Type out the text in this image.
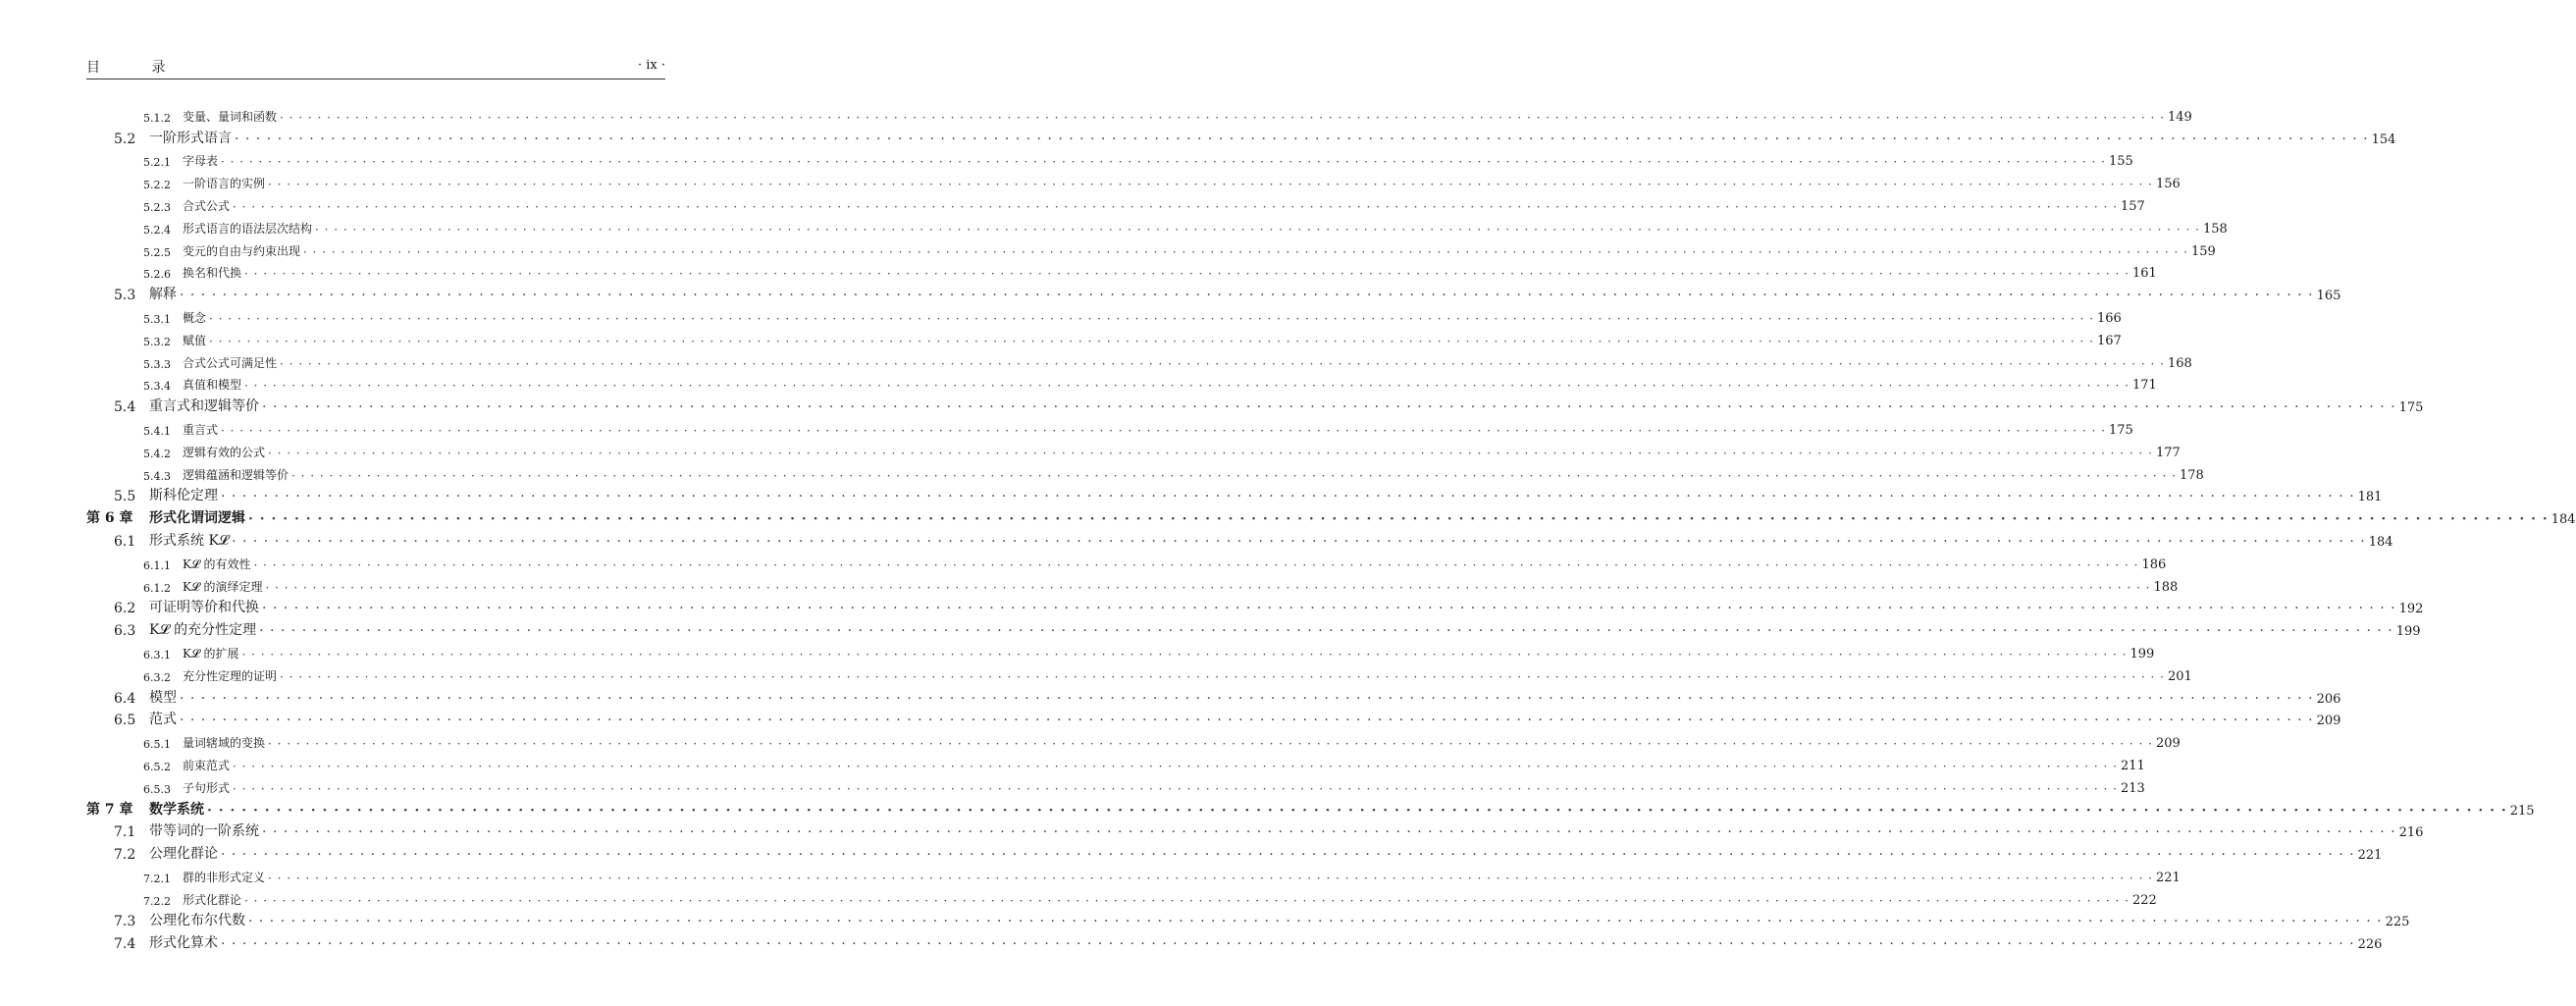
目 录	· ix ·
5.1.2	变量、量词和函数 · · · · · · · · · · · · · · · · · · · · · · · · · · · · · · · · · · · · · · · · · · · · · · · · · · · · · · · · · · · · · · · · · · · · · · · · · · · · · · · · · · · · · · · · · · · · · · · · · · · · · · · · · · · · · · · · · · · · · · · · · · · · · · · · · · · · · · · · · · · · · · · · · · · · · · · · · · · · · · · · · · · · · · · · · · · · · · · · · · · · · · · · · · · · · · · · · · · · · · · · 149
5.2 一阶形式语言 · · · · · · · · · · · · · · · · · · · · · · · · · · · · · · · · · · · · · · · · · · · · · · · · · · · · · · · · · · · · · · · · · · · · · · · · · · · · · · · · · · · · · · · · · · · · · · · · · · · · · · · · · · · · · · · · · · · · · · · · · · · · · · · · · · · · · · · · · · · · · · · · · · · · · · · · · · · · · · · · · · · · · · · · · · · · · · · · · · · · · · · · · · · · · · · · · · · · · · · · 154
5.2.1	字母表 · · · · · · · · · · · · · · · · · · · · · · · · · · · · · · · · · · · · · · · · · · · · · · · · · · · · · · · · · · · · · · · · · · · · · · · · · · · · · · · · · · · · · · · · · · · · · · · · · · · · · · · · · · · · · · · · · · · · · · · · · · · · · · · · · · · · · · · · · · · · · · · · · · · · · · · · · · · · · · · · · · · · · · · · · · · · · · · · · · · · · · · · · · · · · · · · · · · · · · · · 155
5.2.2	一阶语言的实例 · · · · · · · · · · · · · · · · · · · · · · · · · · · · · · · · · · · · · · · · · · · · · · · · · · · · · · · · · · · · · · · · · · · · · · · · · · · · · · · · · · · · · · · · · · · · · · · · · · · · · · · · · · · · · · · · · · · · · · · · · · · · · · · · · · · · · · · · · · · · · · · · · · · · · · · · · · · · · · · · · · · · · · · · · · · · · · · · · · · · · · · · · · · · · · · · · · · · · · · · 156
5.2.3	合式公式 · · · · · · · · · · · · · · · · · · · · · · · · · · · · · · · · · · · · · · · · · · · · · · · · · · · · · · · · · · · · · · · · · · · · · · · · · · · · · · · · · · · · · · · · · · · · · · · · · · · · · · · · · · · · · · · · · · · · · · · · · · · · · · · · · · · · · · · · · · · · · · · · · · · · · · · · · · · · · · · · · · · · · · · · · · · · · · · · · · · · · · · · · · · · · · · · · · · · · · · · 157
5.2.4	形式语言的语法层次结构 · · · · · · · · · · · · · · · · · · · · · · · · · · · · · · · · · · · · · · · · · · · · · · · · · · · · · · · · · · · · · · · · · · · · · · · · · · · · · · · · · · · · · · · · · · · · · · · · · · · · · · · · · · · · · · · · · · · · · · · · · · · · · · · · · · · · · · · · · · · · · · · · · · · · · · · · · · · · · · · · · · · · · · · · · · · · · · · · · · · · · · · · · · · · · · · · · · · · · · · · 158
5.2.5	变元的自由与约束出现 · · · · · · · · · · · · · · · · · · · · · · · · · · · · · · · · · · · · · · · · · · · · · · · · · · · · · · · · · · · · · · · · · · · · · · · · · · · · · · · · · · · · · · · · · · · · · · · · · · · · · · · · · · · · · · · · · · · · · · · · · · · · · · · · · · · · · · · · · · · · · · · · · · · · · · · · · · · · · · · · · · · · · · · · · · · · · · · · · · · · · · · · · · · · · · · · · · · · · · · · 159
5.2.6	换名和代换 · · · · · · · · · · · · · · · · · · · · · · · · · · · · · · · · · · · · · · · · · · · · · · · · · · · · · · · · · · · · · · · · · · · · · · · · · · · · · · · · · · · · · · · · · · · · · · · · · · · · · · · · · · · · · · · · · · · · · · · · · · · · · · · · · · · · · · · · · · · · · · · · · · · · · · · · · · · · · · · · · · · · · · · · · · · · · · · · · · · · · · · · · · · · · · · · · · · · · · · · 161
5.3 解释 · · · · · · · · · · · · · · · · · · · · · · · · · · · · · · · · · · · · · · · · · · · · · · · · · · · · · · · · · · · · · · · · · · · · · · · · · · · · · · · · · · · · · · · · · · · · · · · · · · · · · · · · · · · · · · · · · · · · · · · · · · · · · · · · · · · · · · · · · · · · · · · · · · · · · · · · · · · · · · · · · · · · · · · · · · · · · · · · · · · · · · · · · · · · · · · · · · · · · · · · 165
5.3.1	概念 · · · · · · · · · · · · · · · · · · · · · · · · · · · · · · · · · · · · · · · · · · · · · · · · · · · · · · · · · · · · · · · · · · · · · · · · · · · · · · · · · · · · · · · · · · · · · · · · · · · · · · · · · · · · · · · · · · · · · · · · · · · · · · · · · · · · · · · · · · · · · · · · · · · · · · · · · · · · · · · · · · · · · · · · · · · · · · · · · · · · · · · · · · · · · · · · · · · · · · · · 166
5.3.2	赋值 · · · · · · · · · · · · · · · · · · · · · · · · · · · · · · · · · · · · · · · · · · · · · · · · · · · · · · · · · · · · · · · · · · · · · · · · · · · · · · · · · · · · · · · · · · · · · · · · · · · · · · · · · · · · · · · · · · · · · · · · · · · · · · · · · · · · · · · · · · · · · · · · · · · · · · · · · · · · · · · · · · · · · · · · · · · · · · · · · · · · · · · · · · · · · · · · · · · · · · · · 167
5.3.3	合式公式可满足性 · · · · · · · · · · · · · · · · · · · · · · · · · · · · · · · · · · · · · · · · · · · · · · · · · · · · · · · · · · · · · · · · · · · · · · · · · · · · · · · · · · · · · · · · · · · · · · · · · · · · · · · · · · · · · · · · · · · · · · · · · · · · · · · · · · · · · · · · · · · · · · · · · · · · · · · · · · · · · · · · · · · · · · · · · · · · · · · · · · · · · · · · · · · · · · · · · · · · · · · · 168
5.3.4	真值和模型 · · · · · · · · · · · · · · · · · · · · · · · · · · · · · · · · · · · · · · · · · · · · · · · · · · · · · · · · · · · · · · · · · · · · · · · · · · · · · · · · · · · · · · · · · · · · · · · · · · · · · · · · · · · · · · · · · · · · · · · · · · · · · · · · · · · · · · · · · · · · · · · · · · · · · · · · · · · · · · · · · · · · · · · · · · · · · · · · · · · · · · · · · · · · · · · · · · · · · · · · 171
5.4 重言式和逻辑等价 · · · · · · · · · · · · · · · · · · · · · · · · · · · · · · · · · · · · · · · · · · · · · · · · · · · · · · · · · · · · · · · · · · · · · · · · · · · · · · · · · · · · · · · · · · · · · · · · · · · · · · · · · · · · · · · · · · · · · · · · · · · · · · · · · · · · · · · · · · · · · · · · · · · · · · · · · · · · · · · · · · · · · · · · · · · · · · · · · · · · · · · · · · · · · · · · · · · · · · · · 175
5.4.1	重言式 · · · · · · · · · · · · · · · · · · · · · · · · · · · · · · · · · · · · · · · · · · · · · · · · · · · · · · · · · · · · · · · · · · · · · · · · · · · · · · · · · · · · · · · · · · · · · · · · · · · · · · · · · · · · · · · · · · · · · · · · · · · · · · · · · · · · · · · · · · · · · · · · · · · · · · · · · · · · · · · · · · · · · · · · · · · · · · · · · · · · · · · · · · · · · · · · · · · · · · · · 175
5.4.2	逻辑有效的公式 · · · · · · · · · · · · · · · · · · · · · · · · · · · · · · · · · · · · · · · · · · · · · · · · · · · · · · · · · · · · · · · · · · · · · · · · · · · · · · · · · · · · · · · · · · · · · · · · · · · · · · · · · · · · · · · · · · · · · · · · · · · · · · · · · · · · · · · · · · · · · · · · · · · · · · · · · · · · · · · · · · · · · · · · · · · · · · · · · · · · · · · · · · · · · · · · · · · · · · · · 177
5.4.3	逻辑蕴涵和逻辑等价 · · · · · · · · · · · · · · · · · · · · · · · · · · · · · · · · · · · · · · · · · · · · · · · · · · · · · · · · · · · · · · · · · · · · · · · · · · · · · · · · · · · · · · · · · · · · · · · · · · · · · · · · · · · · · · · · · · · · · · · · · · · · · · · · · · · · · · · · · · · · · · · · · · · · · · · · · · · · · · · · · · · · · · · · · · · · · · · · · · · · · · · · · · · · · · · · · · · · · · · · 178
5.5 斯科伦定理 · · · · · · · · · · · · · · · · · · · · · · · · · · · · · · · · · · · · · · · · · · · · · · · · · · · · · · · · · · · · · · · · · · · · · · · · · · · · · · · · · · · · · · · · · · · · · · · · · · · · · · · · · · · · · · · · · · · · · · · · · · · · · · · · · · · · · · · · · · · · · · · · · · · · · · · · · · · · · · · · · · · · · · · · · · · · · · · · · · · · · · · · · · · · · · · · · · · · · · · · 181
第 6 章	形式化谓词逻辑 · · · · · · · · · · · · · · · · · · · · · · · · · · · · · · · · · · · · · · · · · · · · · · · · · · · · · · · · · · · · · · · · · · · · · · · · · · · · · · · · · · · · · · · · · · · · · · · · · · · · · · · · · · · · · · · · · · · · · · · · · · · · · · · · · · · · · · · · · · · · · · · · · · · · · · · · · · · · · · · · · · · · · · · · · · · · · · · · · · · · · · · · · · · · · · · · · · · · · · · · 184
6.1 形式系统 K𝓛 · · · · · · · · · · · · · · · · · · · · · · · · · · · · · · · · · · · · · · · · · · · · · · · · · · · · · · · · · · · · · · · · · · · · · · · · · · · · · · · · · · · · · · · · · · · · · · · · · · · · · · · · · · · · · · · · · · · · · · · · · · · · · · · · · · · · · · · · · · · · · · · · · · · · · · · · · · · · · · · · · · · · · · · · · · · · · · · · · · · · · · · · · · · · · · · · · · · · · · · · 184
6.1.1	K𝓛 的有效性 · · · · · · · · · · · · · · · · · · · · · · · · · · · · · · · · · · · · · · · · · · · · · · · · · · · · · · · · · · · · · · · · · · · · · · · · · · · · · · · · · · · · · · · · · · · · · · · · · · · · · · · · · · · · · · · · · · · · · · · · · · · · · · · · · · · · · · · · · · · · · · · · · · · · · · · · · · · · · · · · · · · · · · · · · · · · · · · · · · · · · · · · · · · · · · · · · · · · · · · · 186
6.1.2	K𝓛 的演绎定理 · · · · · · · · · · · · · · · · · · · · · · · · · · · · · · · · · · · · · · · · · · · · · · · · · · · · · · · · · · · · · · · · · · · · · · · · · · · · · · · · · · · · · · · · · · · · · · · · · · · · · · · · · · · · · · · · · · · · · · · · · · · · · · · · · · · · · · · · · · · · · · · · · · · · · · · · · · · · · · · · · · · · · · · · · · · · · · · · · · · · · · · · · · · · · · · · · · · · · · · · 188
6.2 可证明等价和代换 · · · · · · · · · · · · · · · · · · · · · · · · · · · · · · · · · · · · · · · · · · · · · · · · · · · · · · · · · · · · · · · · · · · · · · · · · · · · · · · · · · · · · · · · · · · · · · · · · · · · · · · · · · · · · · · · · · · · · · · · · · · · · · · · · · · · · · · · · · · · · · · · · · · · · · · · · · · · · · · · · · · · · · · · · · · · · · · · · · · · · · · · · · · · · · · · · · · · · · · · 192
6.3 K𝓛 的充分性定理 · · · · · · · · · · · · · · · · · · · · · · · · · · · · · · · · · · · · · · · · · · · · · · · · · · · · · · · · · · · · · · · · · · · · · · · · · · · · · · · · · · · · · · · · · · · · · · · · · · · · · · · · · · · · · · · · · · · · · · · · · · · · · · · · · · · · · · · · · · · · · · · · · · · · · · · · · · · · · · · · · · · · · · · · · · · · · · · · · · · · · · · · · · · · · · · · · · · · · · · · 199
6.3.1	K𝓛 的扩展 · · · · · · · · · · · · · · · · · · · · · · · · · · · · · · · · · · · · · · · · · · · · · · · · · · · · · · · · · · · · · · · · · · · · · · · · · · · · · · · · · · · · · · · · · · · · · · · · · · · · · · · · · · · · · · · · · · · · · · · · · · · · · · · · · · · · · · · · · · · · · · · · · · · · · · · · · · · · · · · · · · · · · · · · · · · · · · · · · · · · · · · · · · · · · · · · · · · · · · · · 199
6.3.2	充分性定理的证明 · · · · · · · · · · · · · · · · · · · · · · · · · · · · · · · · · · · · · · · · · · · · · · · · · · · · · · · · · · · · · · · · · · · · · · · · · · · · · · · · · · · · · · · · · · · · · · · · · · · · · · · · · · · · · · · · · · · · · · · · · · · · · · · · · · · · · · · · · · · · · · · · · · · · · · · · · · · · · · · · · · · · · · · · · · · · · · · · · · · · · · · · · · · · · · · · · · · · · · · · 201
6.4 模型 · · · · · · · · · · · · · · · · · · · · · · · · · · · · · · · · · · · · · · · · · · · · · · · · · · · · · · · · · · · · · · · · · · · · · · · · · · · · · · · · · · · · · · · · · · · · · · · · · · · · · · · · · · · · · · · · · · · · · · · · · · · · · · · · · · · · · · · · · · · · · · · · · · · · · · · · · · · · · · · · · · · · · · · · · · · · · · · · · · · · · · · · · · · · · · · · · · · · · · · · 206
6.5 范式 · · · · · · · · · · · · · · · · · · · · · · · · · · · · · · · · · · · · · · · · · · · · · · · · · · · · · · · · · · · · · · · · · · · · · · · · · · · · · · · · · · · · · · · · · · · · · · · · · · · · · · · · · · · · · · · · · · · · · · · · · · · · · · · · · · · · · · · · · · · · · · · · · · · · · · · · · · · · · · · · · · · · · · · · · · · · · · · · · · · · · · · · · · · · · · · · · · · · · · · · 209
6.5.1	量词辖域的变换 · · · · · · · · · · · · · · · · · · · · · · · · · · · · · · · · · · · · · · · · · · · · · · · · · · · · · · · · · · · · · · · · · · · · · · · · · · · · · · · · · · · · · · · · · · · · · · · · · · · · · · · · · · · · · · · · · · · · · · · · · · · · · · · · · · · · · · · · · · · · · · · · · · · · · · · · · · · · · · · · · · · · · · · · · · · · · · · · · · · · · · · · · · · · · · · · · · · · · · · · 209
6.5.2	前束范式 · · · · · · · · · · · · · · · · · · · · · · · · · · · · · · · · · · · · · · · · · · · · · · · · · · · · · · · · · · · · · · · · · · · · · · · · · · · · · · · · · · · · · · · · · · · · · · · · · · · · · · · · · · · · · · · · · · · · · · · · · · · · · · · · · · · · · · · · · · · · · · · · · · · · · · · · · · · · · · · · · · · · · · · · · · · · · · · · · · · · · · · · · · · · · · · · · · · · · · · · 211
6.5.3	子句形式 · · · · · · · · · · · · · · · · · · · · · · · · · · · · · · · · · · · · · · · · · · · · · · · · · · · · · · · · · · · · · · · · · · · · · · · · · · · · · · · · · · · · · · · · · · · · · · · · · · · · · · · · · · · · · · · · · · · · · · · · · · · · · · · · · · · · · · · · · · · · · · · · · · · · · · · · · · · · · · · · · · · · · · · · · · · · · · · · · · · · · · · · · · · · · · · · · · · · · · · · 213
第 7 章	数学系统 · · · · · · · · · · · · · · · · · · · · · · · · · · · · · · · · · · · · · · · · · · · · · · · · · · · · · · · · · · · · · · · · · · · · · · · · · · · · · · · · · · · · · · · · · · · · · · · · · · · · · · · · · · · · · · · · · · · · · · · · · · · · · · · · · · · · · · · · · · · · · · · · · · · · · · · · · · · · · · · · · · · · · · · · · · · · · · · · · · · · · · · · · · · · · · · · · · · · · · · · 215
7.1 带等词的一阶系统 · · · · · · · · · · · · · · · · · · · · · · · · · · · · · · · · · · · · · · · · · · · · · · · · · · · · · · · · · · · · · · · · · · · · · · · · · · · · · · · · · · · · · · · · · · · · · · · · · · · · · · · · · · · · · · · · · · · · · · · · · · · · · · · · · · · · · · · · · · · · · · · · · · · · · · · · · · · · · · · · · · · · · · · · · · · · · · · · · · · · · · · · · · · · · · · · · · · · · · · · 216
7.2 公理化群论 · · · · · · · · · · · · · · · · · · · · · · · · · · · · · · · · · · · · · · · · · · · · · · · · · · · · · · · · · · · · · · · · · · · · · · · · · · · · · · · · · · · · · · · · · · · · · · · · · · · · · · · · · · · · · · · · · · · · · · · · · · · · · · · · · · · · · · · · · · · · · · · · · · · · · · · · · · · · · · · · · · · · · · · · · · · · · · · · · · · · · · · · · · · · · · · · · · · · · · · · 221
7.2.1	群的非形式定义 · · · · · · · · · · · · · · · · · · · · · · · · · · · · · · · · · · · · · · · · · · · · · · · · · · · · · · · · · · · · · · · · · · · · · · · · · · · · · · · · · · · · · · · · · · · · · · · · · · · · · · · · · · · · · · · · · · · · · · · · · · · · · · · · · · · · · · · · · · · · · · · · · · · · · · · · · · · · · · · · · · · · · · · · · · · · · · · · · · · · · · · · · · · · · · · · · · · · · · · · 221
7.2.2	形式化群论 · · · · · · · · · · · · · · · · · · · · · · · · · · · · · · · · · · · · · · · · · · · · · · · · · · · · · · · · · · · · · · · · · · · · · · · · · · · · · · · · · · · · · · · · · · · · · · · · · · · · · · · · · · · · · · · · · · · · · · · · · · · · · · · · · · · · · · · · · · · · · · · · · · · · · · · · · · · · · · · · · · · · · · · · · · · · · · · · · · · · · · · · · · · · · · · · · · · · · · · · 222
7.3 公理化布尔代数 · · · · · · · · · · · · · · · · · · · · · · · · · · · · · · · · · · · · · · · · · · · · · · · · · · · · · · · · · · · · · · · · · · · · · · · · · · · · · · · · · · · · · · · · · · · · · · · · · · · · · · · · · · · · · · · · · · · · · · · · · · · · · · · · · · · · · · · · · · · · · · · · · · · · · · · · · · · · · · · · · · · · · · · · · · · · · · · · · · · · · · · · · · · · · · · · · · · · · · · · 225
7.4 形式化算术 · · · · · · · · · · · · · · · · · · · · · · · · · · · · · · · · · · · · · · · · · · · · · · · · · · · · · · · · · · · · · · · · · · · · · · · · · · · · · · · · · · · · · · · · · · · · · · · · · · · · · · · · · · · · · · · · · · · · · · · · · · · · · · · · · · · · · · · · · · · · · · · · · · · · · · · · · · · · · · · · · · · · · · · · · · · · · · · · · · · · · · · · · · · · · · · · · · · · · · · · 226
